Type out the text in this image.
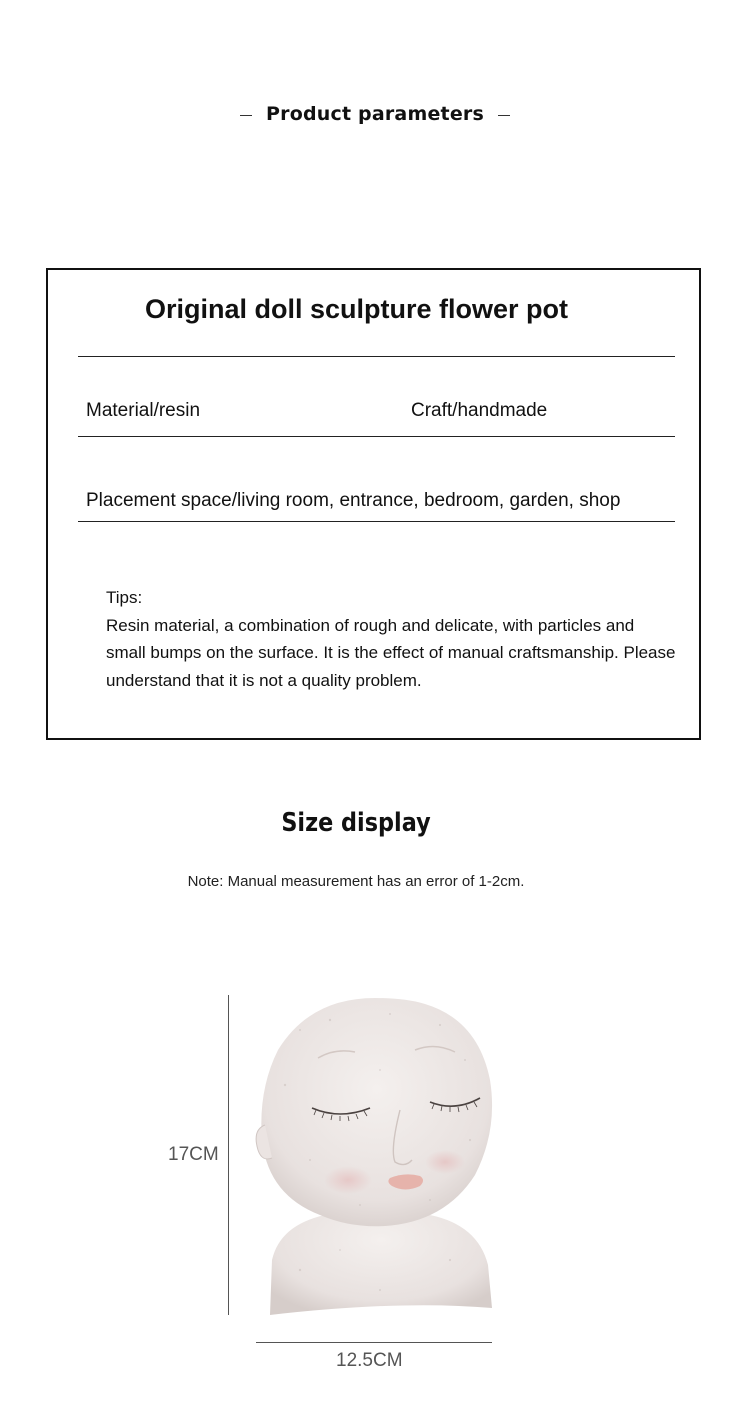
Product parameters
Original doll sculpture flower pot
Material/resin	Craft/handmade
Placement space/living room, entrance, bedroom, garden, shop
Tips:
Resin material, a combination of rough and delicate, with particles and small bumps on the surface. It is the effect of manual craftsmanship. Please understand that it is not a quality problem.
Size display
Note: Manual measurement has an error of 1-2cm.
17CM
12.5CM
